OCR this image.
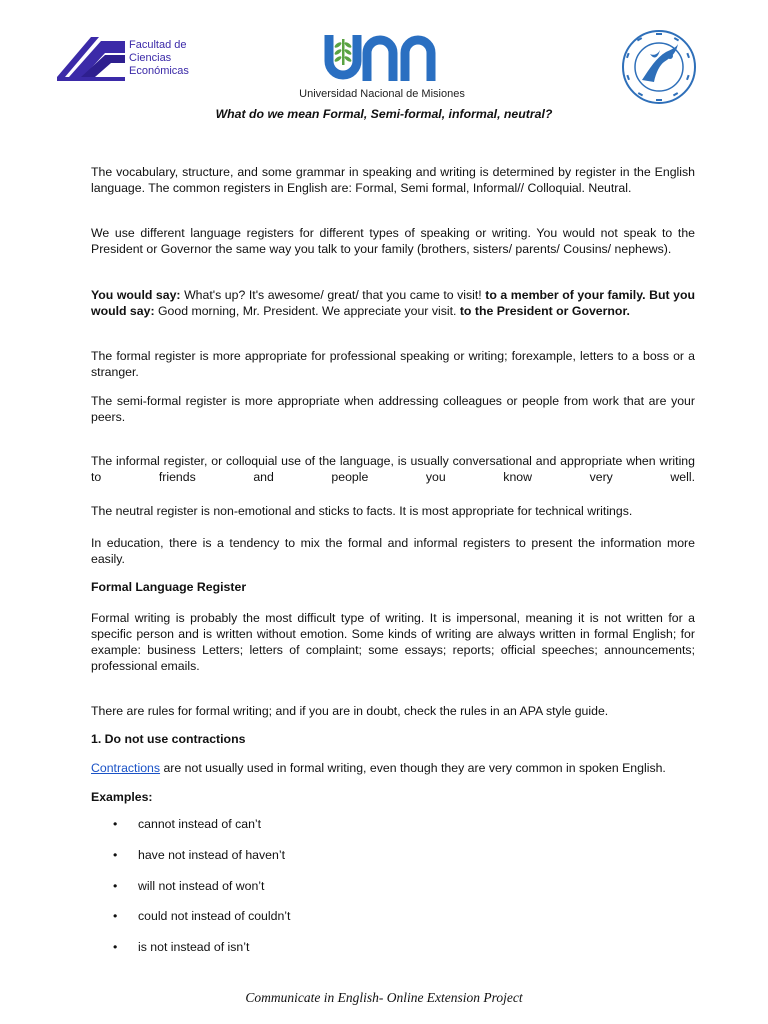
Facultad de
Ciencias
Económicas
Universidad Nacional de Misiones
What do we mean Formal, Semi-formal, informal, neutral?

The vocabulary, structure, and some grammar in speaking and writing is determined by register in the English language. The common registers in English are: Formal, Semi formal, Informal// Colloquial. Neutral.

We use different language registers for different types of speaking or writing. You would not speak to the President or Governor the same way you talk to your family (brothers, sisters/ parents/ Cousins/ nephews).

You would say: What's up? It's awesome/ great/ that you came to visit! to a member of your family. But you would say: Good morning, Mr. President. We appreciate your visit. to the President or Governor.

The formal register is more appropriate for professional speaking or writing; forexample, letters to a boss or a stranger.

The semi-formal register is more appropriate when addressing colleagues or people from work that are your peers.

The informal register, or colloquial use of the language, is usually conversational and appropriate when writing to friends and people you know very well.

The neutral register is non-emotional and sticks to facts. It is most appropriate for technical writings.

In education, there is a tendency to mix the formal and informal registers to present the information more easily.

Formal Language Register

Formal writing is probably the most difficult type of writing. It is impersonal, meaning it is not written for a specific person and is written without emotion. Some kinds of writing are always written in formal English; for example: business Letters; letters of complaint; some essays; reports; official speeches; announcements; professional emails.

There are rules for formal writing; and if you are in doubt, check the rules in an APA style guide.

1. Do not use contractions

Contractions are not usually used in formal writing, even though they are very common in spoken English.

Examples:
• cannot instead of can’t
• have not instead of haven’t
• will not instead of won’t
• could not instead of couldn’t
• is not instead of isn’t
Communicate in English- Online Extension Project
